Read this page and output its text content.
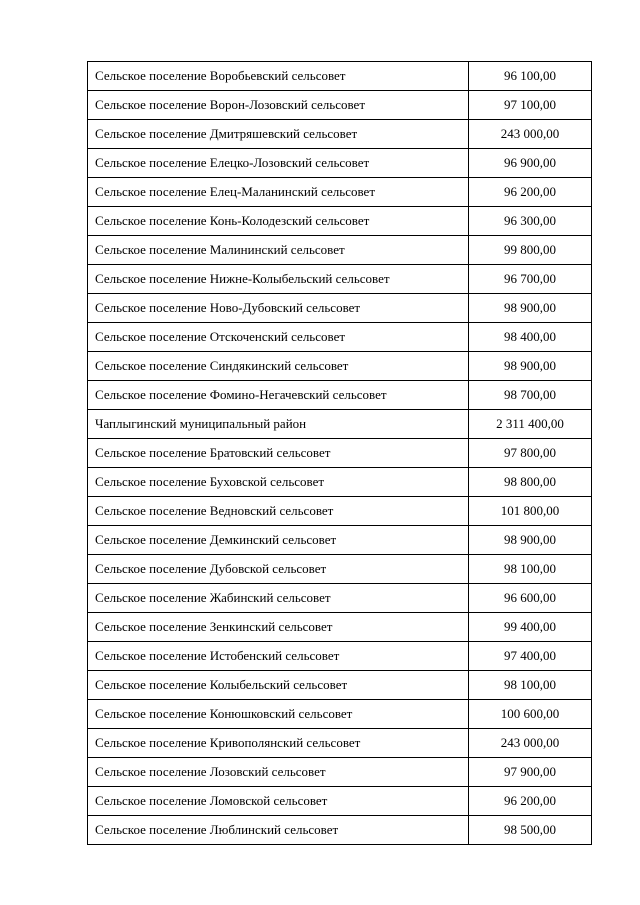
Сельское поселение Воробьевский сельсовет	96 100,00
Сельское поселение Ворон-Лозовский сельсовет	97 100,00
Сельское поселение Дмитряшевский сельсовет	243 000,00
Сельское поселение Елецко-Лозовский сельсовет	96 900,00
Сельское поселение Елец-Маланинский сельсовет	96 200,00
Сельское поселение Конь-Колодезский сельсовет	96 300,00
Сельское поселение Малининский сельсовет	99 800,00
Сельское поселение Нижне-Колыбельский сельсовет	96 700,00
Сельское поселение Ново-Дубовский сельсовет	98 900,00
Сельское поселение Отскоченский сельсовет	98 400,00
Сельское поселение Синдякинский сельсовет	98 900,00
Сельское поселение Фомино-Негачевский сельсовет	98 700,00
Чаплыгинский муниципальный район	2 311 400,00
Сельское поселение Братовский сельсовет	97 800,00
Сельское поселение Буховской сельсовет	98 800,00
Сельское поселение Ведновский сельсовет	101 800,00
Сельское поселение Демкинский сельсовет	98 900,00
Сельское поселение Дубовской сельсовет	98 100,00
Сельское поселение Жабинский сельсовет	96 600,00
Сельское поселение Зенкинский сельсовет	99 400,00
Сельское поселение Истобенский сельсовет	97 400,00
Сельское поселение Колыбельский сельсовет	98 100,00
Сельское поселение Конюшковский сельсовет	100 600,00
Сельское поселение Кривополянский сельсовет	243 000,00
Сельское поселение Лозовский сельсовет	97 900,00
Сельское поселение Ломовской сельсовет	96 200,00
Сельское поселение Люблинский сельсовет	98 500,00
